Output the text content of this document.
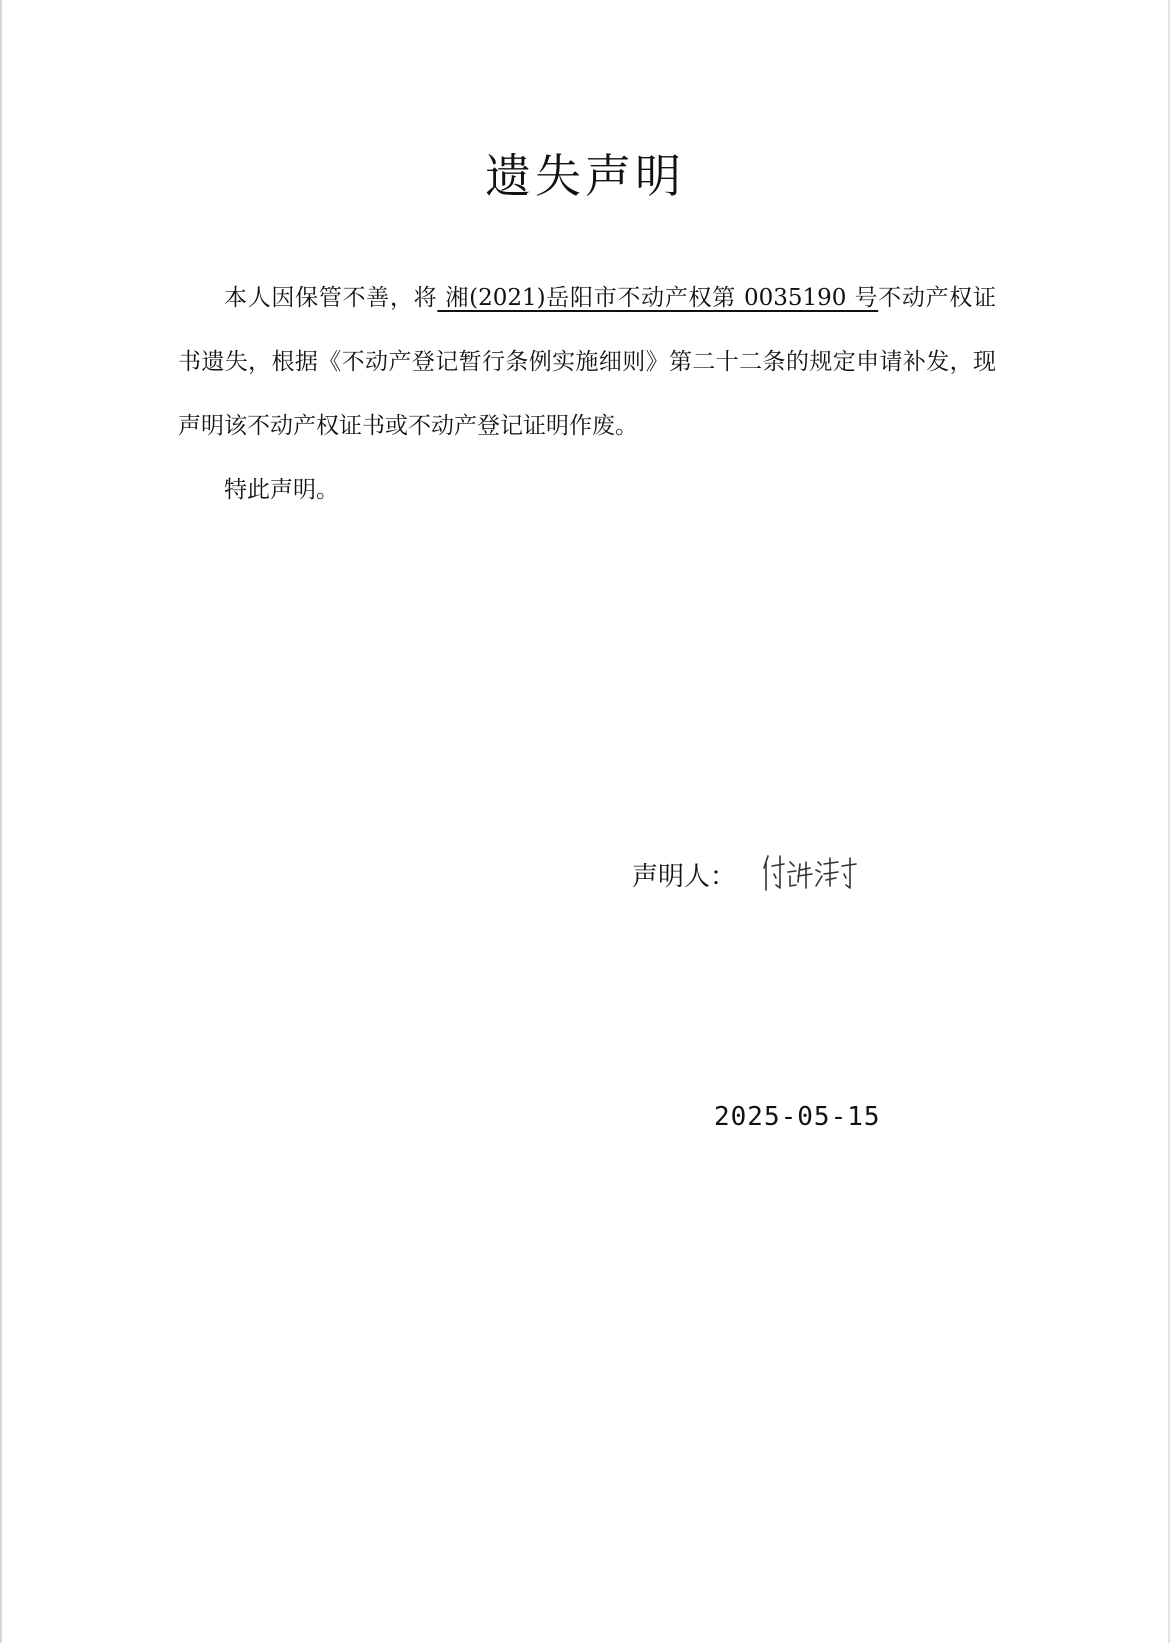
遗失声明

本人因保管不善，将 湘(2021)岳阳市不动产权第 0035190 号不动产权证书遗失，根据《不动产登记暂行条例实施细则》第二十二条的规定申请补发，现声明该不动产权证书或不动产登记证明作废。

特此声明。

声明人：
2025-05-15
